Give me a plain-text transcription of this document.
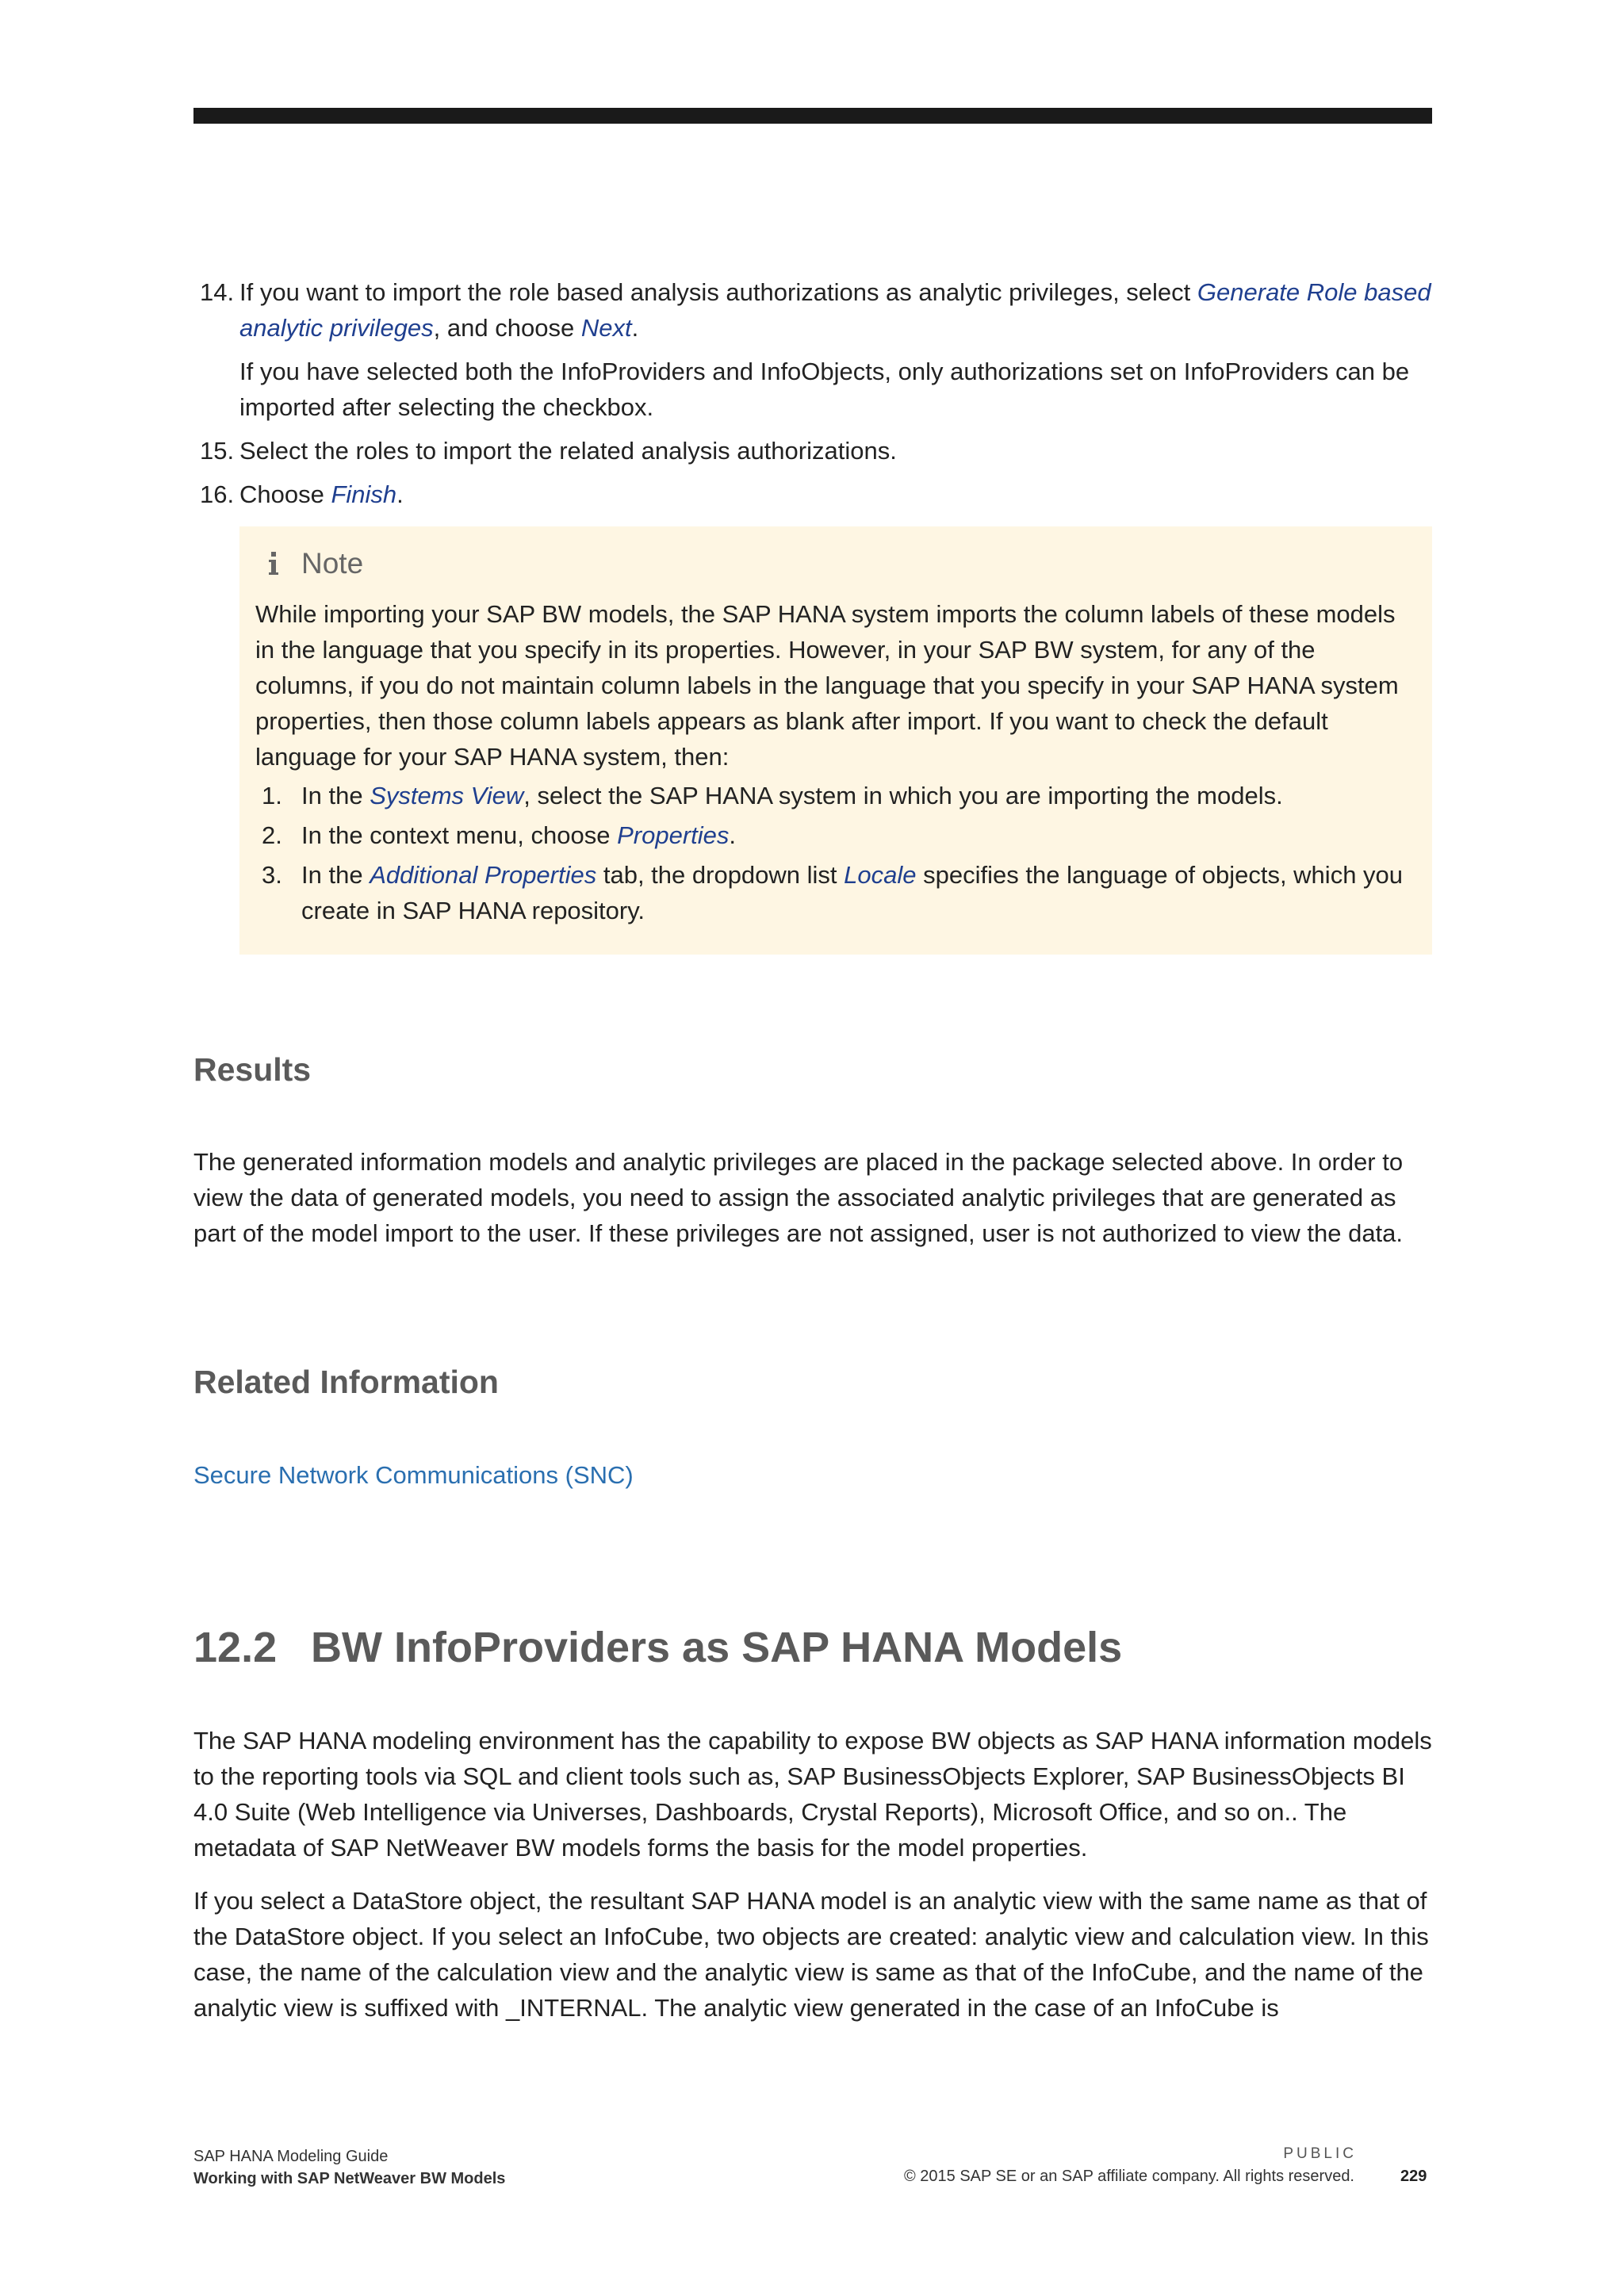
14. If you want to import the role based analysis authorizations as analytic privileges, select Generate Role based analytic privileges, and choose Next.

If you have selected both the InfoProviders and InfoObjects, only authorizations set on InfoProviders can be imported after selecting the checkbox.

15. Select the roles to import the related analysis authorizations.

16. Choose Finish.

Note

While importing your SAP BW models, the SAP HANA system imports the column labels of these models in the language that you specify in its properties. However, in your SAP BW system, for any of the columns, if you do not maintain column labels in the language that you specify in your SAP HANA system properties, then those column labels appears as blank after import. If you want to check the default language for your SAP HANA system, then:

1. In the Systems View, select the SAP HANA system in which you are importing the models.
2. In the context menu, choose Properties.
3. In the Additional Properties tab, the dropdown list Locale specifies the language of objects, which you create in SAP HANA repository.
Results

The generated information models and analytic privileges are placed in the package selected above. In order to view the data of generated models, you need to assign the associated analytic privileges that are generated as part of the model import to the user. If these privileges are not assigned, user is not authorized to view the data.

Related Information
Secure Network Communications (SNC)
12.2 BW InfoProviders as SAP HANA Models

The SAP HANA modeling environment has the capability to expose BW objects as SAP HANA information models to the reporting tools via SQL and client tools such as, SAP BusinessObjects Explorer, SAP BusinessObjects BI 4.0 Suite (Web Intelligence via Universes, Dashboards, Crystal Reports), Microsoft Office, and so on.. The metadata of SAP NetWeaver BW models forms the basis for the model properties.

If you select a DataStore object, the resultant SAP HANA model is an analytic view with the same name as that of the DataStore object. If you select an InfoCube, two objects are created: analytic view and calculation view. In this case, the name of the calculation view and the analytic view is same as that of the InfoCube, and the name of the analytic view is suffixed with _INTERNAL. The analytic view generated in the case of an InfoCube is

SAP HANA Modeling Guide
Working with SAP NetWeaver BW Models
PUBLIC
© 2015 SAP SE or an SAP affiliate company. All rights reserved.	229
